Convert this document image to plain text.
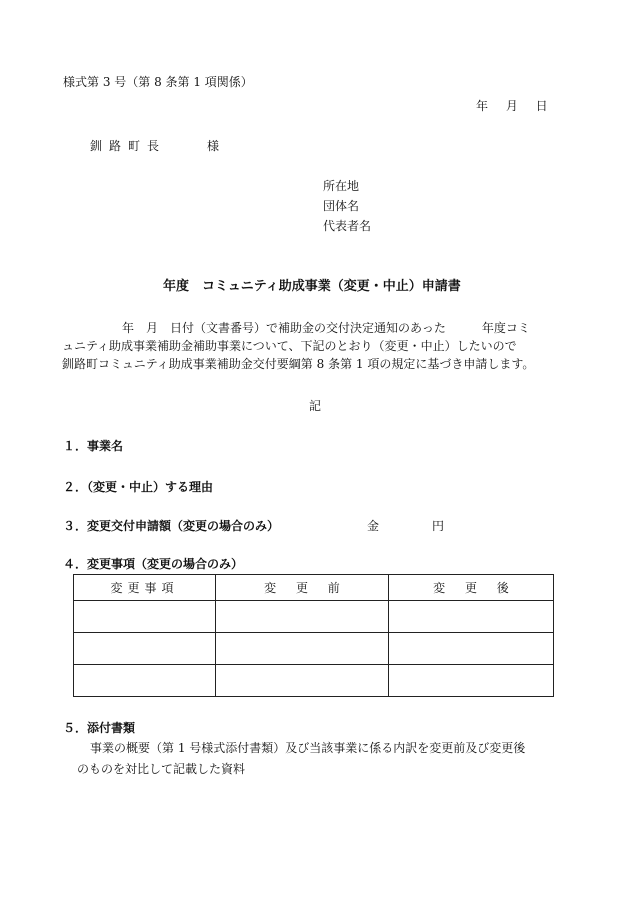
様式第 3 号（第 8 条第 1 項関係）
年 月 日
釧路町長	様
所在地
団体名
代表者名
年度　コミュニティ助成事業（変更・中止）申請書
　　　　　年　月　日付（文書番号）で補助金の交付決定通知のあった　　　年度コミ
ュニティ助成事業補助金補助事業について、下記のとおり（変更・中止）したいので
釧路町コミュニティ助成事業補助金交付要綱第 8 条第 1 項の規定に基づき申請します。
記
１．事業名
２．（変更・中止）する理由
３．変更交付申請額（変更の場合のみ）	金	円
４．変更事項（変更の場合のみ）
変更事項	変 更 前	変 更 後

５．添付書類
事業の概要（第 1 号様式添付書類）及び当該事業に係る内訳を変更前及び変更後
のものを対比して記載した資料
